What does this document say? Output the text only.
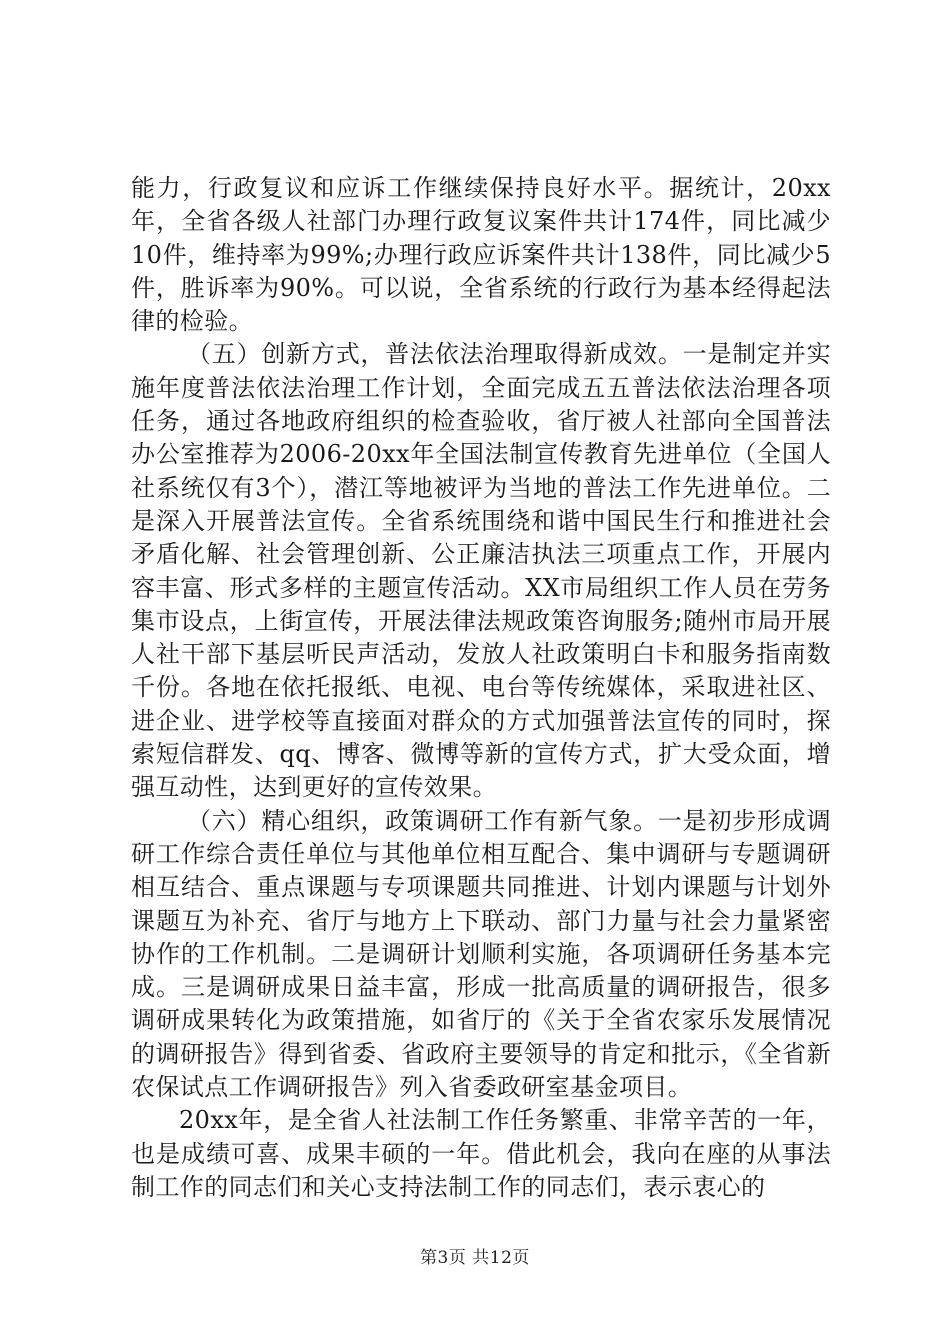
能力，行政复议和应诉工作继续保持良好水平。据统计，20xx年，全省各级人社部门办理行政复议案件共计174件，同比减少10件，维持率为99%;办理行政应诉案件共计138件，同比减少5件，胜诉率为90%。可以说，全省系统的行政行为基本经得起法律的检验。

（五）创新方式，普法依法治理取得新成效。一是制定并实施年度普法依法治理工作计划，全面完成五五普法依法治理各项任务，通过各地政府组织的检查验收，省厅被人社部向全国普法办公室推荐为2006-20xx年全国法制宣传教育先进单位（全国人社系统仅有3个），潜江等地被评为当地的普法工作先进单位。二是深入开展普法宣传。全省系统围绕和谐中国民生行和推进社会矛盾化解、社会管理创新、公正廉洁执法三项重点工作，开展内容丰富、形式多样的主题宣传活动。XX市局组织工作人员在劳务集市设点，上街宣传，开展法律法规政策咨询服务;随州市局开展人社干部下基层听民声活动，发放人社政策明白卡和服务指南数千份。各地在依托报纸、电视、电台等传统媒体，采取进社区、进企业、进学校等直接面对群众的方式加强普法宣传的同时，探索短信群发、qq、博客、微博等新的宣传方式，扩大受众面，增强互动性，达到更好的宣传效果。

（六）精心组织，政策调研工作有新气象。一是初步形成调研工作综合责任单位与其他单位相互配合、集中调研与专题调研相互结合、重点课题与专项课题共同推进、计划内课题与计划外课题互为补充、省厅与地方上下联动、部门力量与社会力量紧密协作的工作机制。二是调研计划顺利实施，各项调研任务基本完成。三是调研成果日益丰富，形成一批高质量的调研报告，很多调研成果转化为政策措施，如省厅的《关于全省农家乐发展情况的调研报告》得到省委、省政府主要领导的肯定和批示，《全省新农保试点工作调研报告》列入省委政研室基金项目。

20xx年，是全省人社法制工作任务繁重、非常辛苦的一年，也是成绩可喜、成果丰硕的一年。借此机会，我向在座的从事法制工作的同志们和关心支持法制工作的同志们，表示衷心的

第3页 共12页
